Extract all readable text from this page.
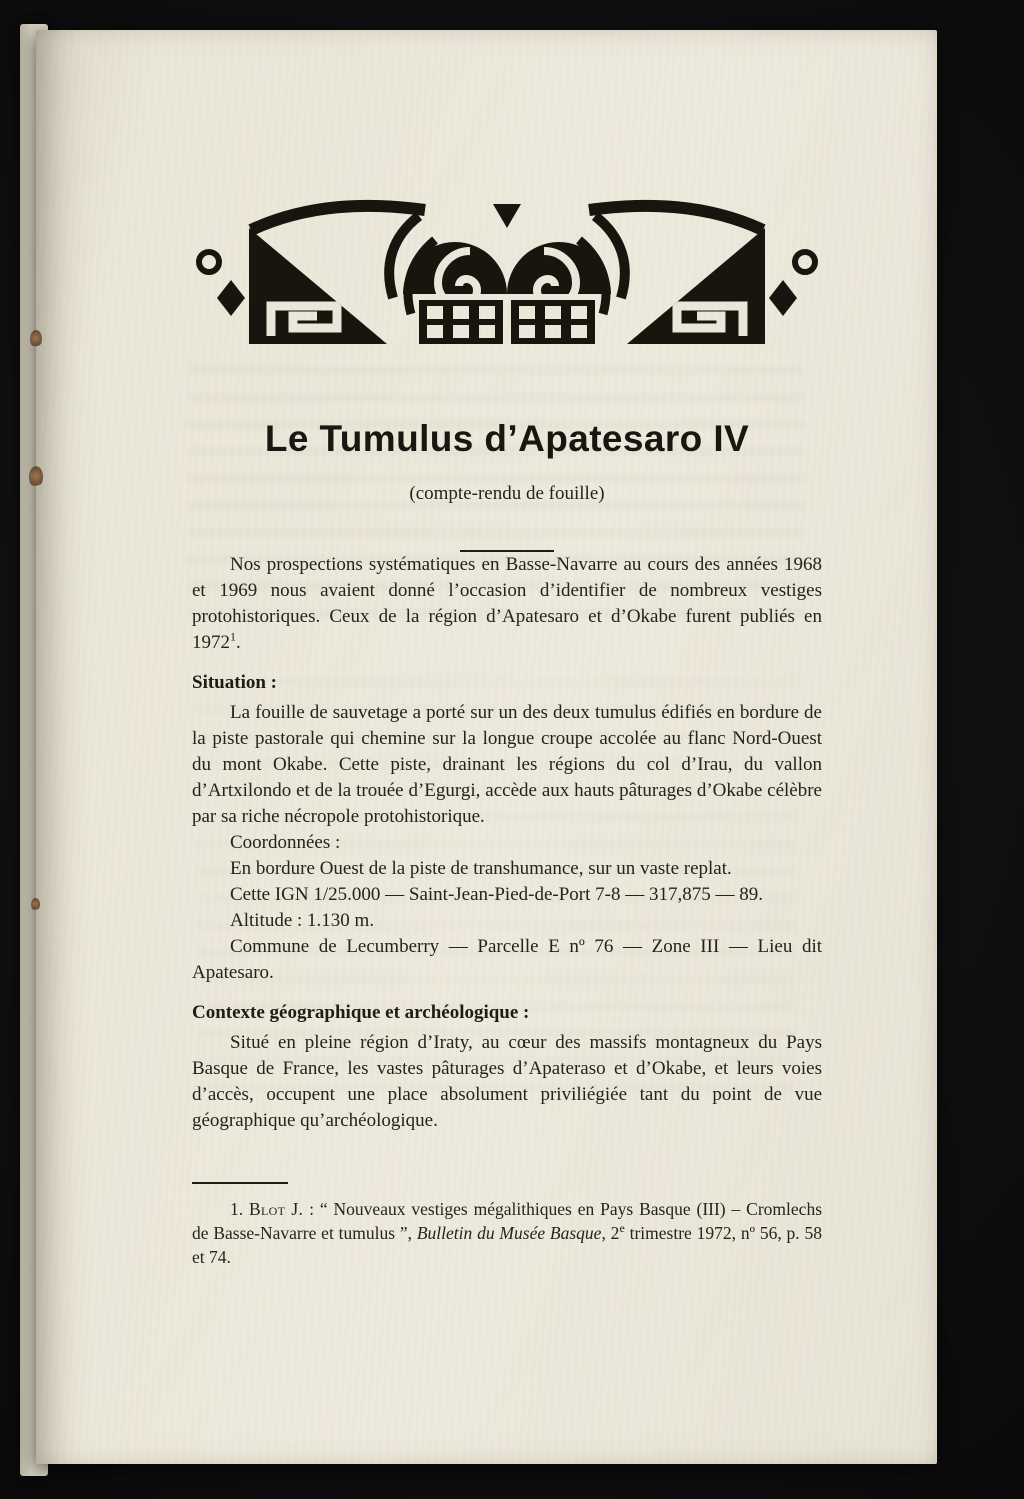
Le Tumulus d’Apatesaro IV
(compte-rendu de fouille)

Nos prospections systématiques en Basse-Navarre au cours des années 1968 et 1969 nous avaient donné l’occasion d’identifier de nombreux vestiges protohistoriques. Ceux de la région d’Apatesaro et d’Okabe furent publiés en 1972$^1$.

Situation :

La fouille de sauvetage a porté sur un des deux tumulus édifiés en bordure de la piste pastorale qui chemine sur la longue croupe accolée au flanc Nord-Ouest du mont Okabe. Cette piste, drainant les régions du col d’Irau, du vallon d’Artxilondo et de la trouée d’Egurgi, accède aux hauts pâturages d’Okabe célèbre par sa riche nécropole protohistorique.

Coordonnées :

En bordure Ouest de la piste de transhumance, sur un vaste replat.

Cette IGN 1/25.000 — Saint-Jean-Pied-de-Port 7-8 — 317,875 — 89.

Altitude : 1.130 m.

Commune de Lecumberry — Parcelle E nº 76 — Zone III — Lieu dit Apatesaro.

Contexte géographique et archéologique :

Situé en pleine région d’Iraty, au cœur des massifs montagneux du Pays Basque de France, les vastes pâturages d’Apateraso et d’Okabe, et leurs voies d’accès, occupent une place absolument priviliégiée tant du point de vue géographique qu’archéologique.

1. Blot J. : “ Nouveaux vestiges mégalithiques en Pays Basque (III) – Cromlechs de Basse-Navarre et tumulus ”, Bulletin du Musée Basque, 2e trimestre 1972, nº 56, p. 58 et 74.
